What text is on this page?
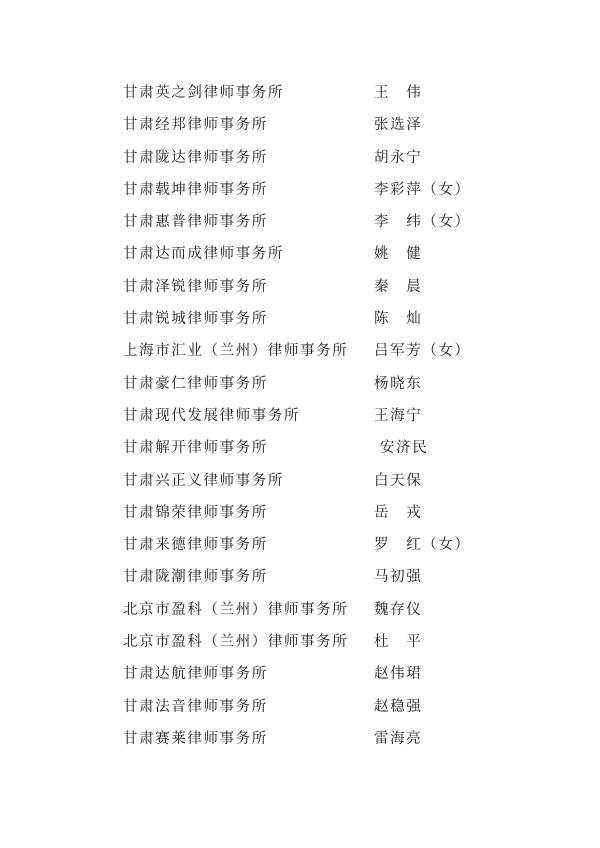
甘肃英之剑律师事务所	王　伟
甘肃经邦律师事务所	张选泽
甘肃陇达律师事务所	胡永宁
甘肃载坤律师事务所	李彩萍（女）
甘肃惠普律师事务所	李　纬（女）
甘肃达而成律师事务所	姚　健
甘肃泽锐律师事务所	秦　晨
甘肃锐城律师事务所	陈　灿
上海市汇业（兰州）律师事务所 吕军芳（女）
甘肃豪仁律师事务所	杨晓东
甘肃现代发展律师事务所	王海宁
甘肃解开律师事务所	安济民
甘肃兴正义律师事务所	白天保
甘肃锦荣律师事务所	岳　戎
甘肃来德律师事务所	罗　红（女）
甘肃陇潮律师事务所	马初强
北京市盈科（兰州）律师事务所 魏存仪
北京市盈科（兰州）律师事务所 杜　平
甘肃达航律师事务所	赵伟珺
甘肃法音律师事务所	赵稳强
甘肃赛莱律师事务所	雷海亮
